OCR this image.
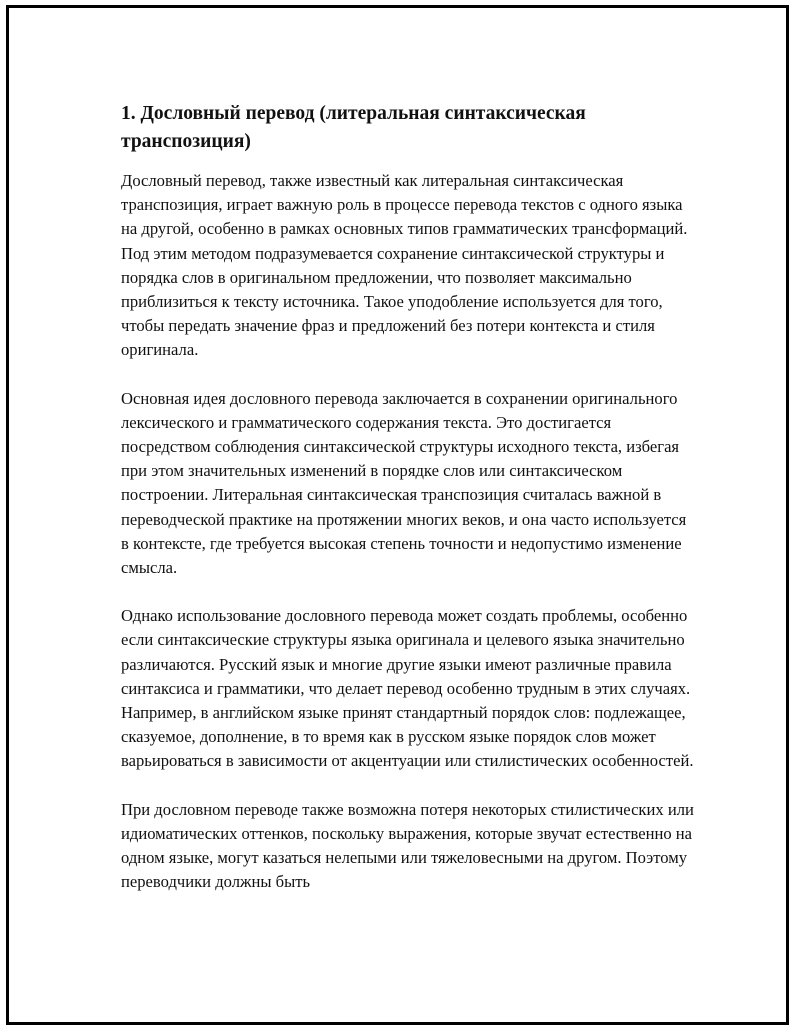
1. Дословный перевод (литеральная синтаксическая транспозиция)

Дословный перевод, также известный как литеральная синтаксическая транспозиция, играет важную роль в процессе перевода текстов с одного языка на другой, особенно в рамках основных типов грамматических трансформаций. Под этим методом подразумевается сохранение синтаксической структуры и порядка слов в оригинальном предложении, что позволяет максимально приблизиться к тексту источника. Такое уподобление используется для того, чтобы передать значение фраз и предложений без потери контекста и стиля оригинала.

Основная идея дословного перевода заключается в сохранении оригинального лексического и грамматического содержания текста. Это достигается посредством соблюдения синтаксической структуры исходного текста, избегая при этом значительных изменений в порядке слов или синтаксическом построении. Литеральная синтаксическая транспозиция считалась важной в переводческой практике на протяжении многих веков, и она часто используется в контексте, где требуется высокая степень точности и недопустимо изменение смысла.

Однако использование дословного перевода может создать проблемы, особенно если синтаксические структуры языка оригинала и целевого языка значительно различаются. Русский язык и многие другие языки имеют различные правила синтаксиса и грамматики, что делает перевод особенно трудным в этих случаях. Например, в английском языке принят стандартный порядок слов: подлежащее, сказуемое, дополнение, в то время как в русском языке порядок слов может варьироваться в зависимости от акцентуации или стилистических особенностей.

При дословном переводе также возможна потеря некоторых стилистических или идиоматических оттенков, поскольку выражения, которые звучат естественно на одном языке, могут казаться нелепыми или тяжеловесными на другом. Поэтому переводчики должны быть
